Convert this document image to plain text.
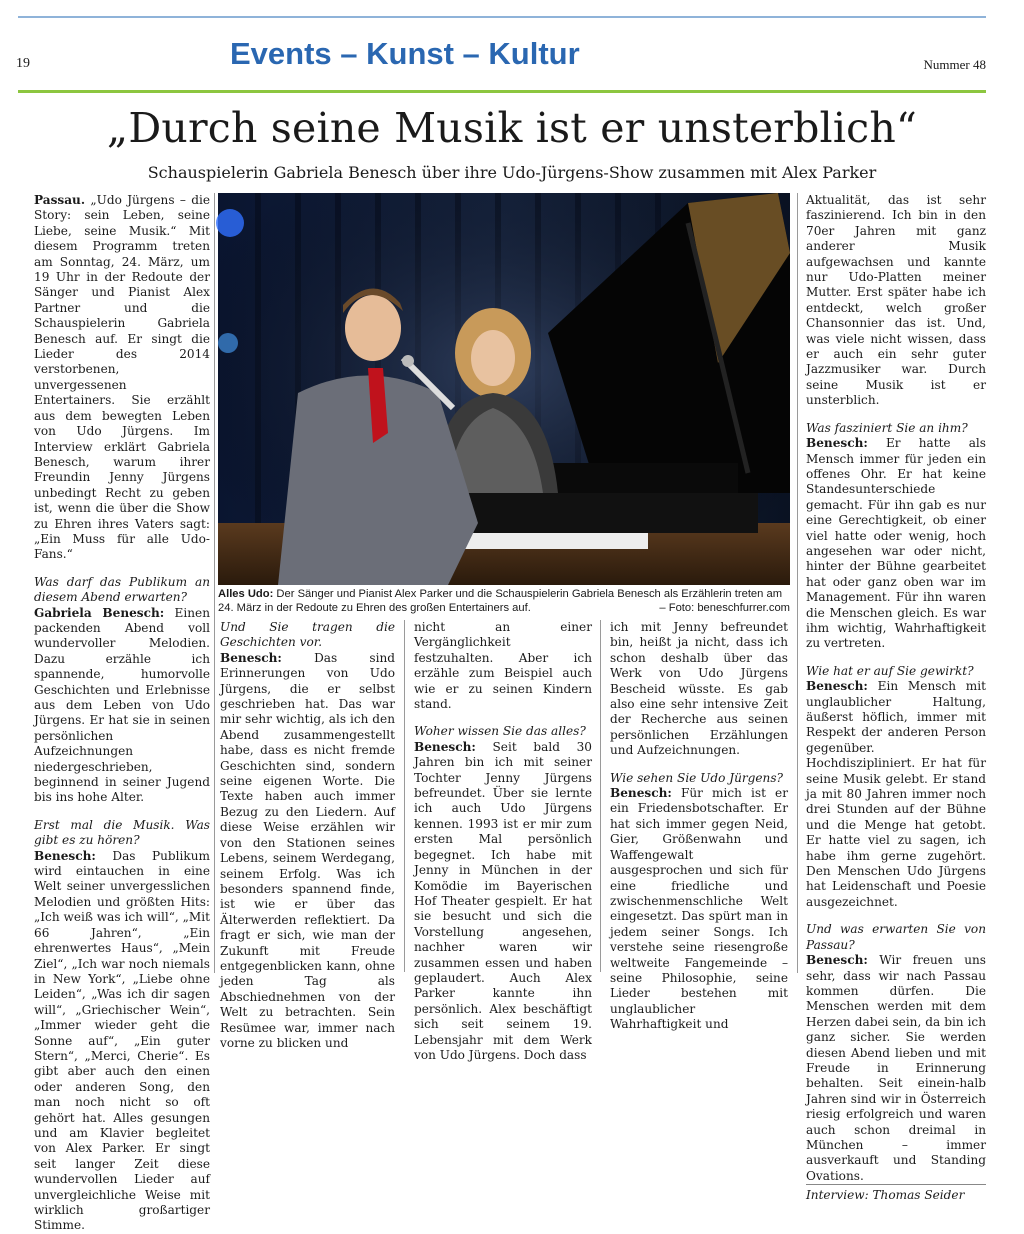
19	Events – Kunst – Kultur	Nummer 48
„Durch seine Musik ist er unsterblich“
Schauspielerin Gabriela Benesch über ihre Udo-Jürgens-Show zusammen mit Alex Parker

Passau. „Udo Jürgens – die Story: sein Leben, seine Liebe, seine Musik.“ Mit diesem Programm treten am Sonntag, 24. März, um 19 Uhr in der Redoute der Sänger und Pianist Alex Partner und die Schauspielerin Gabriela Benesch auf. Er singt die Lieder des 2014 verstorbenen, unvergessenen Entertainers. Sie erzählt aus dem bewegten Leben von Udo Jürgens. Im Interview erklärt Gabriela Benesch, warum ihrer Freundin Jenny Jürgens unbedingt Recht zu geben ist, wenn die über die Show zu Ehren ihres Vaters sagt: „Ein Muss für alle Udo-Fans.“

Was darf das Publikum an diesem Abend erwarten?

Gabriela Benesch: Einen packenden Abend voll wundervoller Melodien. Dazu erzähle ich spannende, humorvolle Geschichten und Erlebnisse aus dem Leben von Udo Jürgens. Er hat sie in seinen persönlichen Aufzeichnungen niedergeschrieben, beginnend in seiner Jugend bis ins hohe Alter.

Erst mal die Musik. Was gibt es zu hören?

Benesch: Das Publikum wird eintauchen in eine Welt seiner unvergesslichen Melodien und größten Hits: „Ich weiß was ich will“, „Mit 66 Jahren“, „Ein ehrenwertes Haus“, „Mein Ziel“, „Ich war noch niemals in New York“, „Liebe ohne Leiden“, „Was ich dir sagen will“, „Griechischer Wein“, „Immer wieder geht die Sonne auf“, „Ein guter Stern“, „Merci, Cherie“. Es gibt aber auch den einen oder anderen Song, den man noch nicht so oft gehört hat. Alles gesungen und am Klavier begleitet von Alex Parker. Er singt seit langer Zeit diese wundervollen Lieder auf unvergleichliche Weise mit wirklich großartiger Stimme.

Alles Udo: Der Sänger und Pianist Alex Parker und die Schauspielerin Gabriela Benesch als Erzählerin treten am 24. März in der Redoute zu Ehren des großen Entertainers auf.	– Foto: beneschfurrer.com

Und Sie tragen die Geschichten vor.

Benesch: Das sind Erinnerungen von Udo Jürgens, die er selbst geschrieben hat. Das war mir sehr wichtig, als ich den Abend zusammengestellt habe, dass es nicht fremde Geschichten sind, sondern seine eigenen Worte. Die Texte haben auch immer Bezug zu den Liedern. Auf diese Weise erzählen wir von den Stationen seines Lebens, seinem Werdegang, seinem Erfolg. Was ich besonders spannend finde, ist wie er über das Älterwerden reflektiert. Da fragt er sich, wie man der Zukunft mit Freude entgegenblicken kann, ohne jeden Tag als Abschiednehmen von der Welt zu betrachten. Sein Resümee war, immer nach vorne zu blicken und

nicht an einer Vergänglichkeit festzuhalten. Aber ich erzähle zum Beispiel auch wie er zu seinen Kindern stand.

Woher wissen Sie das alles?

Benesch: Seit bald 30 Jahren bin ich mit seiner Tochter Jenny Jürgens befreundet. Über sie lernte ich auch Udo Jürgens kennen. 1993 ist er mir zum ersten Mal persönlich begegnet. Ich habe mit Jenny in München in der Komödie im Bayerischen Hof Theater gespielt. Er hat sie besucht und sich die Vorstellung angesehen, nachher waren wir zusammen essen und haben geplaudert. Auch Alex Parker kannte ihn persönlich. Alex beschäftigt sich seit seinem 19. Lebensjahr mit dem Werk von Udo Jürgens. Doch dass

ich mit Jenny befreundet bin, heißt ja nicht, dass ich schon deshalb über das Werk von Udo Jürgens Bescheid wüsste. Es gab also eine sehr intensive Zeit der Recherche aus seinen persönlichen Erzählungen und Aufzeichnungen.

Wie sehen Sie Udo Jürgens?

Benesch: Für mich ist er ein Friedensbotschafter. Er hat sich immer gegen Neid, Gier, Größenwahn und Waffengewalt ausgesprochen und sich für eine friedliche und zwischenmenschliche Welt eingesetzt. Das spürt man in jedem seiner Songs. Ich verstehe seine riesengroße weltweite Fangemeinde – seine Philosophie, seine Lieder bestehen mit unglaublicher Wahrhaftigkeit und

Aktualität, das ist sehr faszinierend. Ich bin in den 70er Jahren mit ganz anderer Musik aufgewachsen und kannte nur Udo-Platten meiner Mutter. Erst später habe ich entdeckt, welch großer Chansonnier das ist. Und, was viele nicht wissen, dass er auch ein sehr guter Jazzmusiker war. Durch seine Musik ist er unsterblich.

Was fasziniert Sie an ihm?

Benesch: Er hatte als Mensch immer für jeden ein offenes Ohr. Er hat keine Standesunterschiede gemacht. Für ihn gab es nur eine Gerechtigkeit, ob einer viel hatte oder wenig, hoch angesehen war oder nicht, hinter der Bühne gearbeitet hat oder ganz oben war im Management. Für ihn waren die Menschen gleich. Es war ihm wichtig, Wahrhaftigkeit zu vertreten.

Wie hat er auf Sie gewirkt?

Benesch: Ein Mensch mit unglaublicher Haltung, äußerst höflich, immer mit Respekt der anderen Person gegenüber. Hochdiszipliniert. Er hat für seine Musik gelebt. Er stand ja mit 80 Jahren immer noch drei Stunden auf der Bühne und die Menge hat getobt. Er hatte viel zu sagen, ich habe ihm gerne zugehört. Den Menschen Udo Jürgens hat Leidenschaft und Poesie ausgezeichnet.

Und was erwarten Sie von Passau?

Benesch: Wir freuen uns sehr, dass wir nach Passau kommen dürfen. Die Menschen werden mit dem Herzen dabei sein, da bin ich ganz sicher. Sie werden diesen Abend lieben und mit Freude in Erinnerung behalten. Seit einein-halb Jahren sind wir in Österreich riesig erfolgreich und waren auch schon dreimal in München – immer ausverkauft und Standing Ovations.

Interview: Thomas Seider
